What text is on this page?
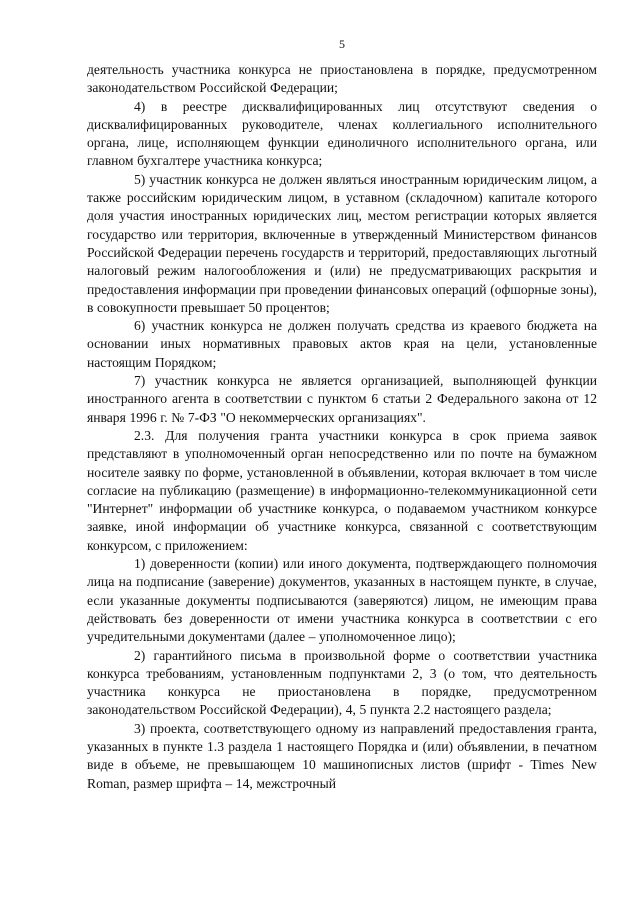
5

деятельность участника конкурса не приостановлена в порядке, предусмотренном законодательством Российской Федерации;

4) в реестре дисквалифицированных лиц отсутствуют сведения о дисквалифицированных руководителе, членах коллегиального исполнительного органа, лице, исполняющем функции единоличного исполнительного органа, или главном бухгалтере участника конкурса;

5) участник конкурса не должен являться иностранным юридическим лицом, а также российским юридическим лицом, в уставном (складочном) капитале которого доля участия иностранных юридических лиц, местом регистрации которых является государство или территория, включенные в утвержденный Министерством финансов Российской Федерации перечень государств и территорий, предоставляющих льготный налоговый режим налогообложения и (или) не предусматривающих раскрытия и предоставления информации при проведении финансовых операций (офшорные зоны), в совокупности превышает 50 процентов;

6) участник конкурса не должен получать средства из краевого бюджета на основании иных нормативных правовых актов края на цели, установленные настоящим Порядком;

7) участник конкурса не является организацией, выполняющей функции иностранного агента в соответствии с пунктом 6 статьи 2 Федерального закона от 12 января 1996 г. № 7-ФЗ "О некоммерческих организациях".

2.3. Для получения гранта участники конкурса в срок приема заявок представляют в уполномоченный орган непосредственно или по почте на бумажном носителе заявку по форме, установленной в объявлении, которая включает в том числе согласие на публикацию (размещение) в информационно-телекоммуникационной сети "Интернет" информации об участнике конкурса, о подаваемом участником конкурсе заявке, иной информации об участнике конкурса, связанной с соответствующим конкурсом, с приложением:

1) доверенности (копии) или иного документа, подтверждающего полномочия лица на подписание (заверение) документов, указанных в настоящем пункте, в случае, если указанные документы подписываются (заверяются) лицом, не имеющим права действовать без доверенности от имени участника конкурса в соответствии с его учредительными документами (далее – уполномоченное лицо);

2) гарантийного письма в произвольной форме о соответствии участника конкурса требованиям, установленным подпунктами 2, 3 (о том, что деятельность участника конкурса не приостановлена в порядке, предусмотренном законодательством Российской Федерации), 4, 5 пункта 2.2 настоящего раздела;

3) проекта, соответствующего одному из направлений предоставления гранта, указанных в пункте 1.3 раздела 1 настоящего Порядка и (или) объявлении, в печатном виде в объеме, не превышающем 10 машинописных листов (шрифт - Times New Roman, размер шрифта – 14, межстрочный
